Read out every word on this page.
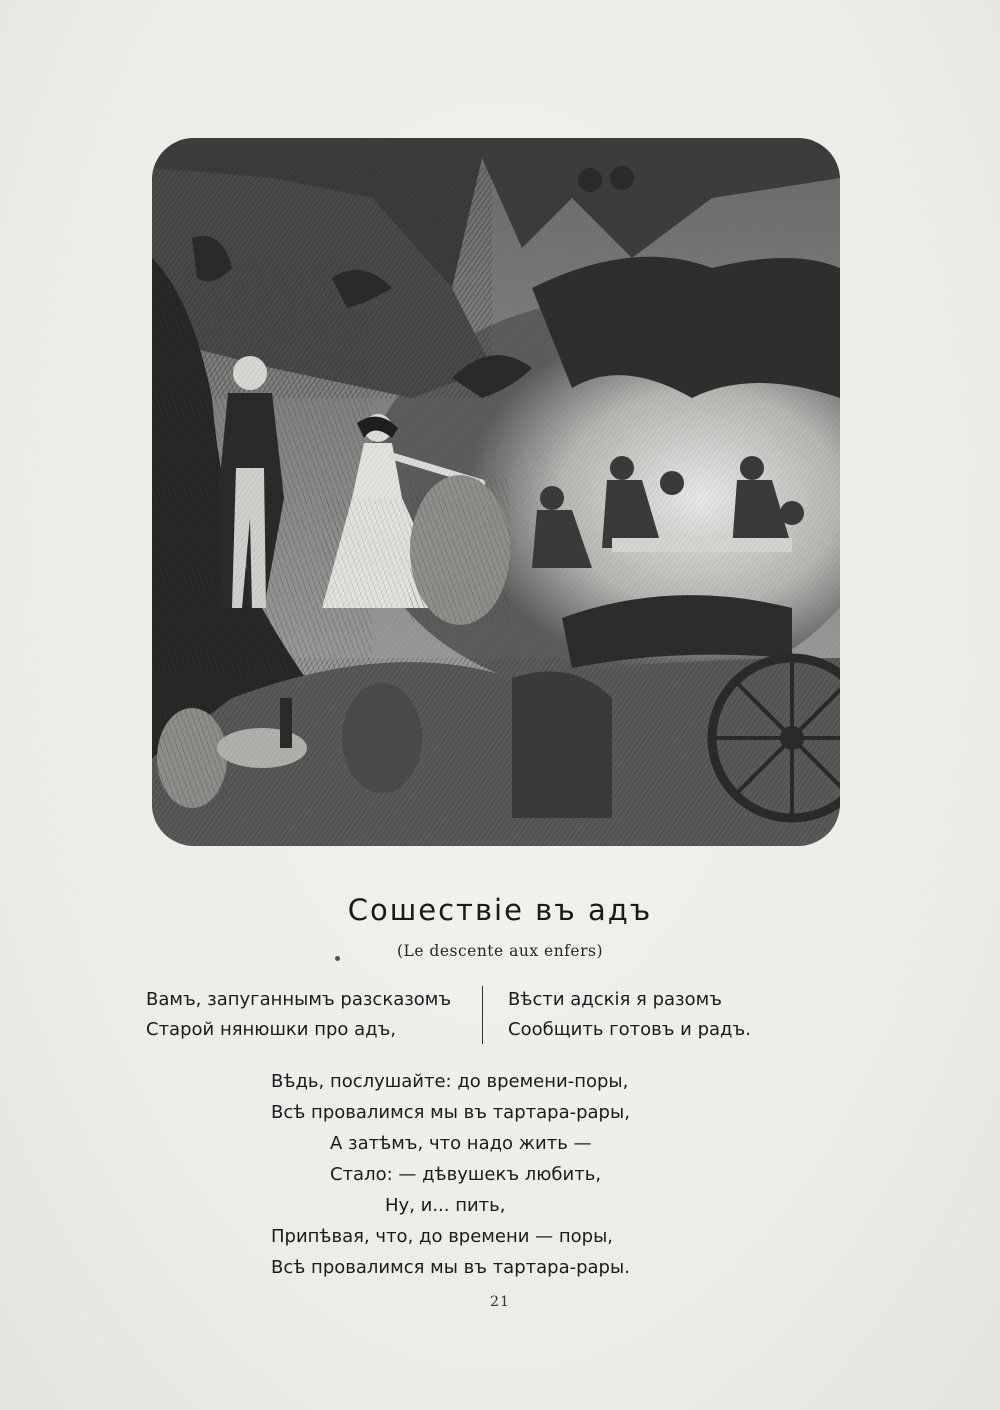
Сошествіе въ адъ
(Le descente aux enfers)
Вамъ, запуганнымъ разсказомъ
Старой нянюшки про адъ,
Вѣсти адскія я разомъ
Сообщить готовъ и радъ.
Вѣдь, послушайте: до времени-поры,
Всѣ провалимся мы въ тартара-рары,
А затѣмъ, что надо жить —
Стало: — дѣвушекъ любить,
Ну, и... пить,
Припѣвая, что, до времени — поры,
Всѣ провалимся мы въ тартара-рары.
21
